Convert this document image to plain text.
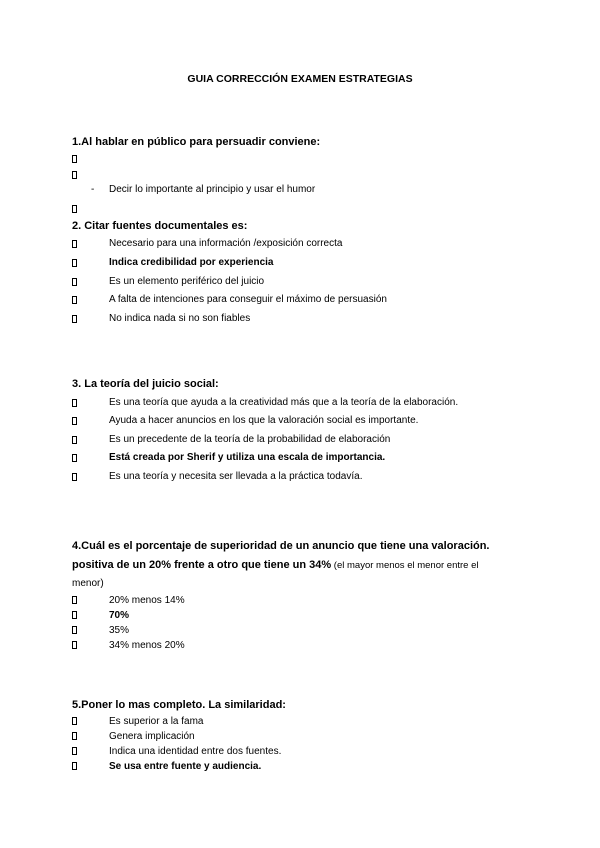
GUIA CORRECCIÓN EXAMEN ESTRATEGIAS
1.Al hablar en público para persuadir conviene:
- Decir lo importante al principio y usar el humor
2. Citar fuentes documentales es:
Necesario para una información /exposición correcta
Indica credibilidad por experiencia
Es un elemento periférico del juicio
A falta de intenciones para conseguir el máximo de persuasión
No indica nada si no son fiables
3. La teoría del juicio social:
Es una teoría que ayuda a la creatividad más que a la teoría de la elaboración.
Ayuda a hacer anuncios en los que la valoración social es importante.
Es un precedente de la teoría de la probabilidad de elaboración
Está creada por Sherif y utiliza una escala de importancia.
Es una teoría y necesita ser llevada a la práctica todavía.
4.Cuál es el porcentaje de superioridad de un anuncio que tiene una valoración.
positiva de un 20% frente a otro que tiene un 34% (el mayor menos el menor entre el
menor)
20% menos 14%
70%
35%
34% menos 20%
5.Poner lo mas completo. La similaridad:
Es superior a la fama
Genera implicación
Indica una identidad entre dos fuentes.
Se usa entre fuente y audiencia.
